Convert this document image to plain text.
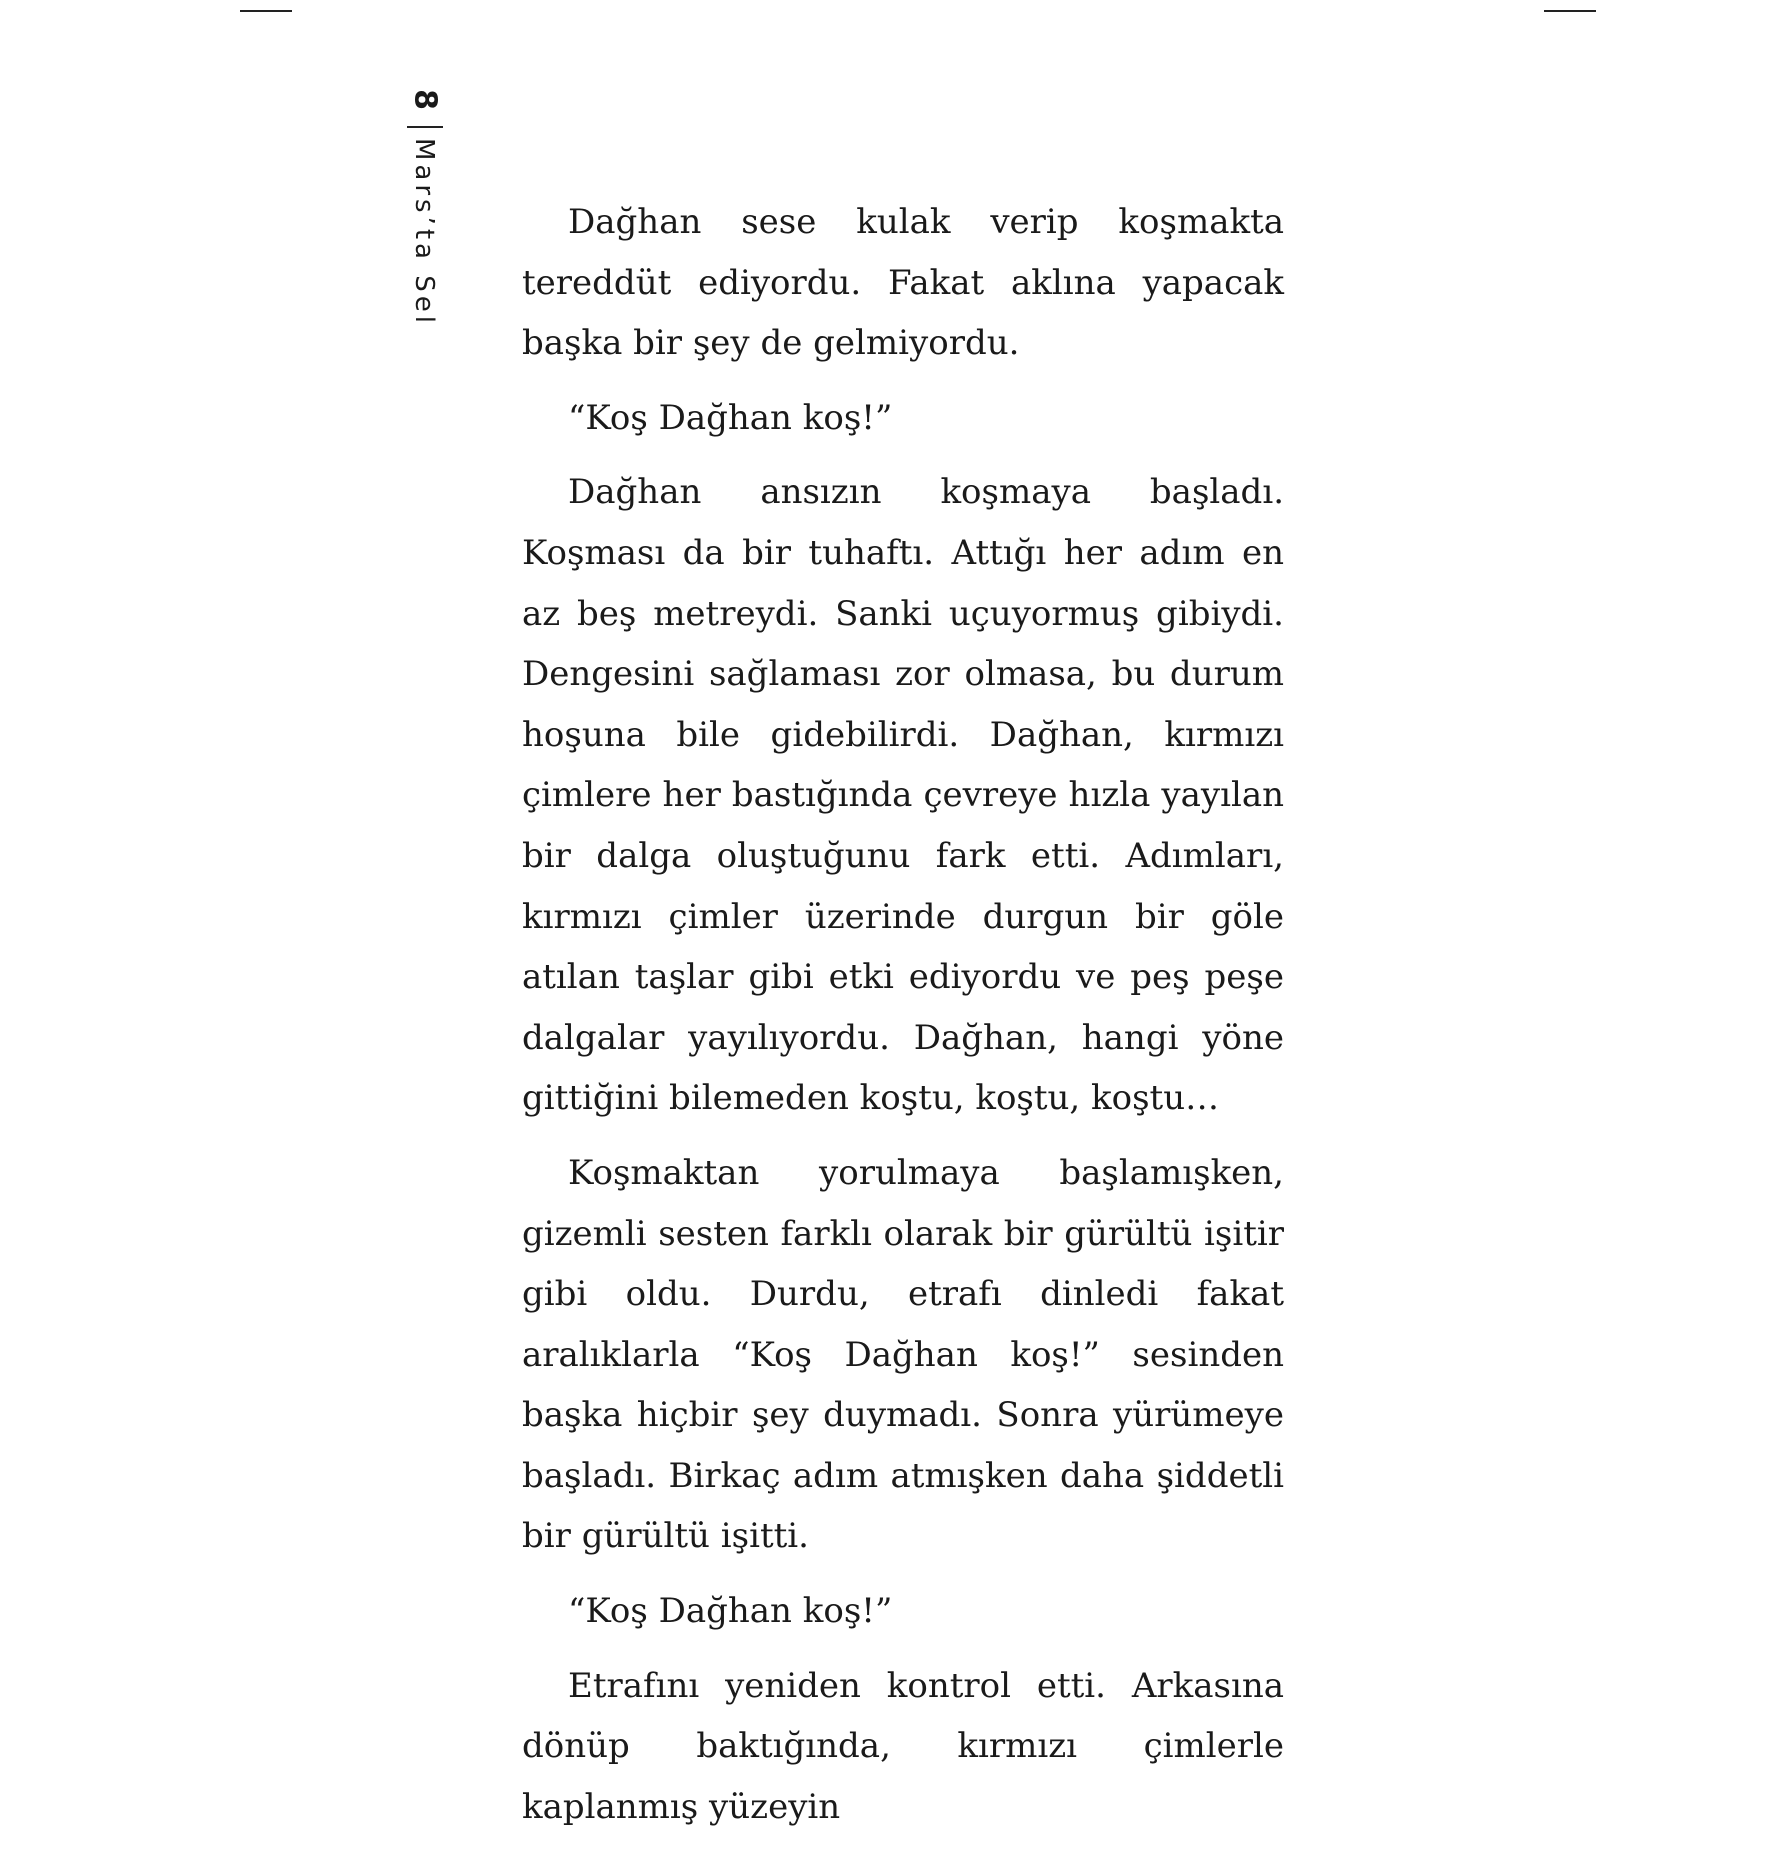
8
Mars’ta Sel	Dağhan sese kulak verip koşmakta tereddüt ediyordu. Fakat aklına yapacak başka bir şey de gelmiyordu.

“Koş Dağhan koş!”

Dağhan ansızın koşmaya başladı. Koşması da bir tuhaftı. Attığı her adım en az beş metreydi. Sanki uçuyormuş gibiydi. Dengesini sağlaması zor olmasa, bu durum hoşuna bile gidebilirdi. Dağhan, kırmızı çimlere her bastığında çevreye hızla yayılan bir dalga oluştuğunu fark etti. Adımları, kırmızı çimler üzerinde durgun bir göle atılan taşlar gibi etki ediyordu ve peş peşe dalgalar yayılıyordu. Dağhan, hangi yöne gittiğini bilemeden koştu, koştu, koştu…

Koşmaktan yorulmaya başlamışken, gizemli sesten farklı olarak bir gürültü işitir gibi oldu. Durdu, etrafı dinledi fakat aralıklarla “Koş Dağhan koş!” sesinden başka hiçbir şey duymadı. Sonra yürümeye başladı. Birkaç adım atmışken daha şiddetli bir gürültü işitti.

“Koş Dağhan koş!”

Etrafını yeniden kontrol etti. Arkasına dönüp baktığında, kırmızı çimlerle kaplanmış yüzeyin
